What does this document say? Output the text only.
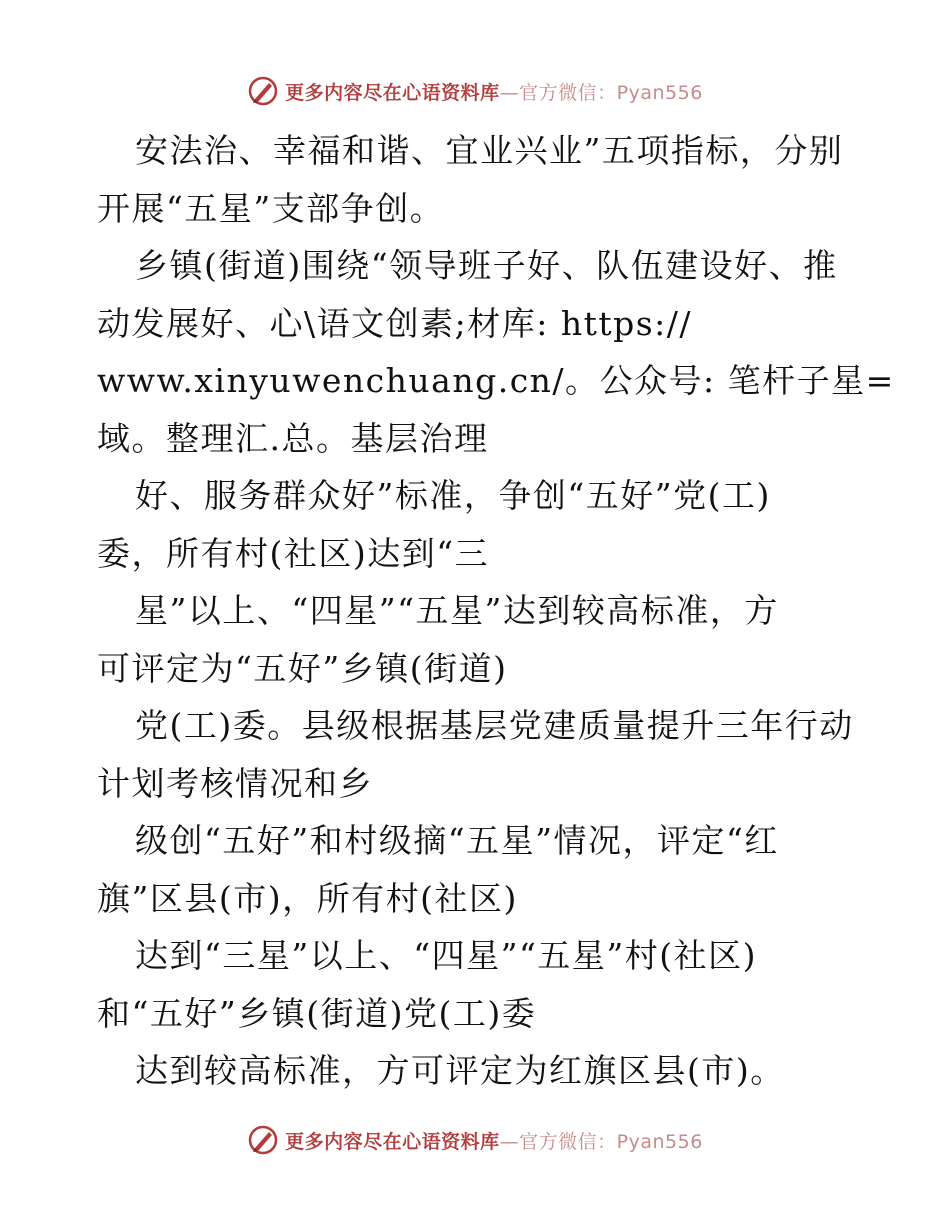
更多内容尽在心语资料库—官方微信：Pyan556
安法治、幸福和谐、宜业兴业”五项指标，分别
开展“五星”支部争创。
乡镇(街道)围绕“领导班子好、队伍建设好、推
动发展好、心\语文创素;材库: https://
www.xinyuwenchuang.cn/。公众号: 笔杆子星=
域。整理汇.总。基层治理
好、服务群众好”标准，争创“五好”党(工)
委，所有村(社区)达到“三
星”以上、“四星”“五星”达到较高标准，方
可评定为“五好”乡镇(街道)
党(工)委。县级根据基层党建质量提升三年行动
计划考核情况和乡
级创“五好”和村级摘“五星”情况，评定“红
旗”区县(市)，所有村(社区)
达到“三星”以上、“四星”“五星”村(社区)
和“五好”乡镇(街道)党(工)委
达到较高标准，方可评定为红旗区县(市)。
更多内容尽在心语资料库—官方微信：Pyan556
